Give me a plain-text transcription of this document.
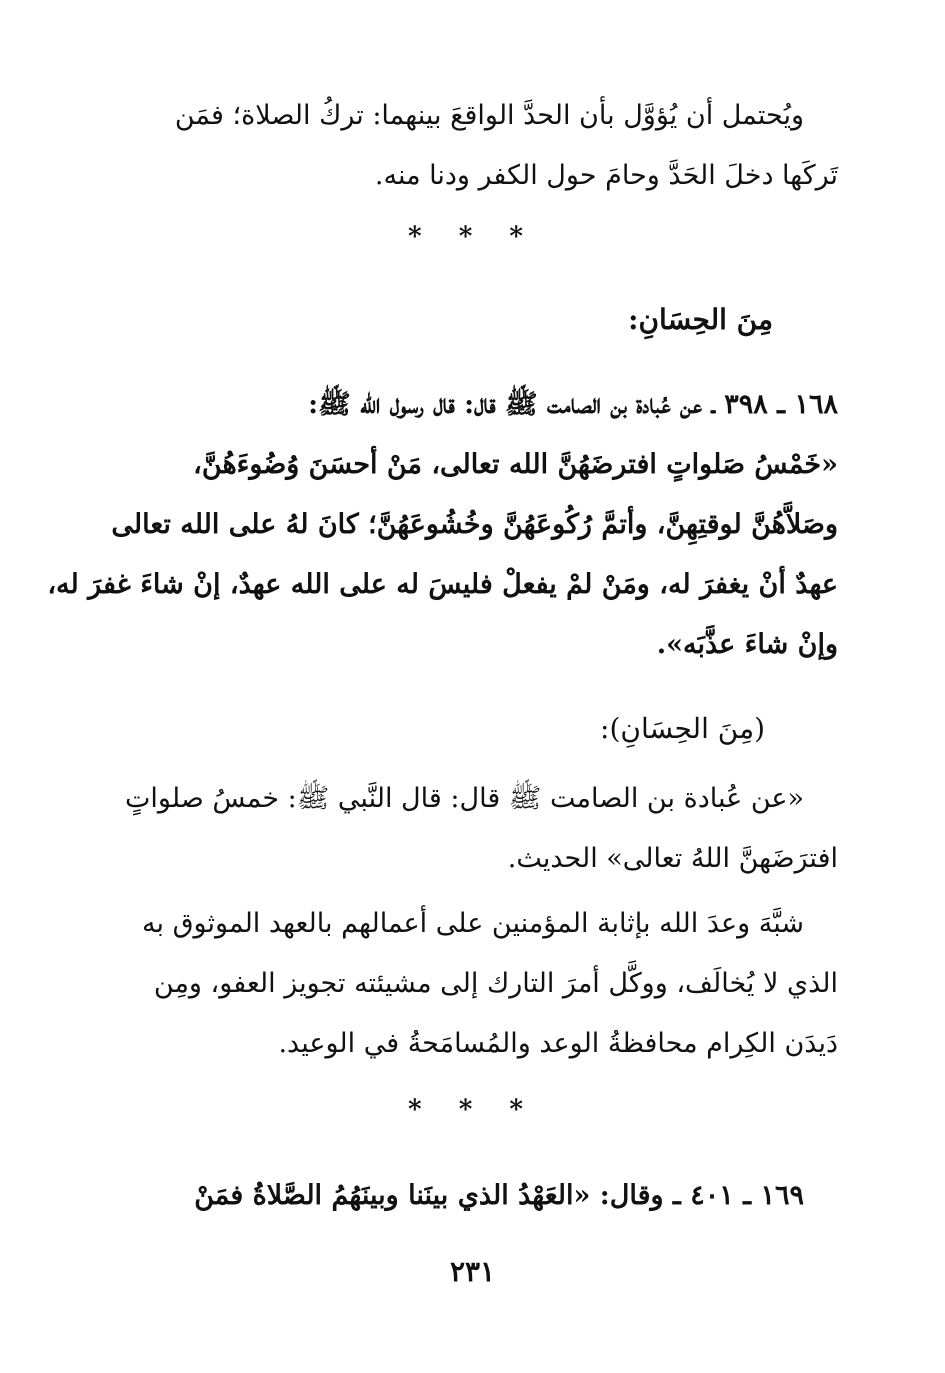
ويُحتمل أن يُؤوَّل بأن الحدَّ الواقعَ بينهما: تركُ الصلاة؛ فمَن
تَركَها دخلَ الحَدَّ وحامَ حول الكفر ودنا منه.
* * *
مِنَ الحِسَانِ:
١٦٨ ـ ٣٩٨ ـ عن عُبادة بن الصامت ﷺ قال: قال رسول الله ﷺ:
«خَمْسُ صَلواتٍ افترضَهُنَّ الله تعالى، مَنْ أحسَنَ وُضُوءَهُنَّ،
وصَلاَّهُنَّ لوقتِهِنَّ، وأتمَّ رُكُوعَهُنَّ وخُشُوعَهُنَّ؛ كانَ لهُ على الله تعالى
عهدٌ أنْ يغفرَ له، ومَنْ لمْ يفعلْ فليسَ له على الله عهدٌ، إنْ شاءَ غفرَ له،
وإنْ شاءَ عذَّبَه».
(مِنَ الحِسَانِ):
«عن عُبادة بن الصامت ﷺ قال: قال النَّبي ﷺ: خمسُ صلواتٍ
افترَضَهنَّ اللهُ تعالى» الحديث.
شبَّهَ وعدَ الله بإثابة المؤمنين على أعمالهم بالعهد الموثوق به
الذي لا يُخالَف، ووكَّل أمرَ التارك إلى مشيئته تجويز العفو، ومِن
دَيدَن الكِرام محافظةُ الوعد والمُسامَحةُ في الوعيد.
* * *
١٦٩ ـ ٤٠١ ـ وقال: «العَهْدُ الذي بينَنا وبينَهُمُ الصَّلاةُ فمَنْ
٢٣١
